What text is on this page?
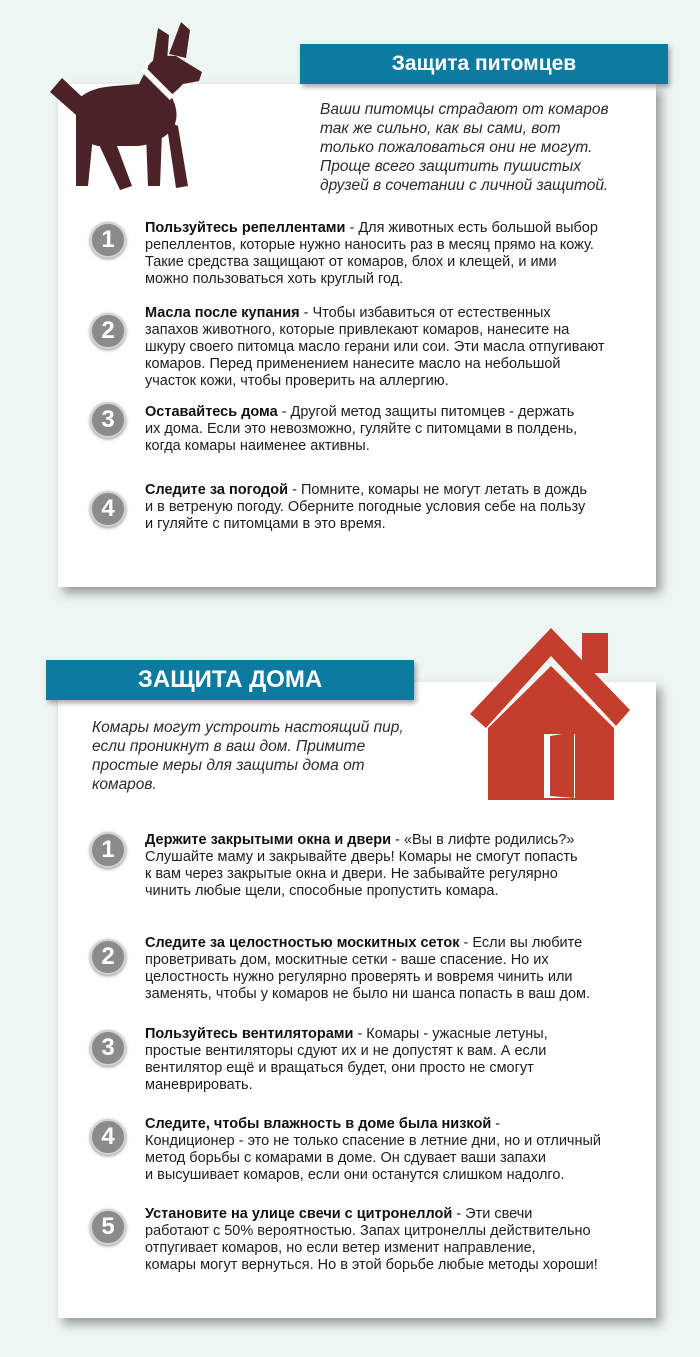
Защита питомцев

Ваши питомцы страдают от комаров
так же сильно, как вы сами, вот
только пожаловаться они не могут.
Проще всего защитить пушистых
друзей в сочетании с личной защитой.

1	Пользуйтесь репеллентами - Для животных есть большой выбор
репеллентов, которые нужно наносить раз в месяц прямо на кожу.
Такие средства защищают от комаров, блох и клещей, и ими
можно пользоваться хоть круглый год.

2

Масла после купания - Чтобы избавиться от естественных
запахов животного, которые привлекают комаров, нанесите на
шкуру своего питомца масло герани или сои. Эти масла отпугивают
комаров. Перед применением нанесите масло на небольшой
участок кожи, чтобы проверить на аллергию.

3	Оставайтесь дома - Другой метод защиты питомцев - держать
их дома. Если это невозможно, гуляйте с питомцами в полдень,
когда комары наименее активны.

4

Следите за погодой - Помните, комары не могут летать в дождь
и в ветреную погоду. Оберните погодные условия себе на пользу
и гуляйте с питомцами в это время.

ЗАЩИТА ДОМА

Комары могут устроить настоящий пир,
если проникнут в ваш дом. Примите
простые меры для защиты дома от
комаров.

1	Держите закрытыми окна и двери - «Вы в лифте родились?»
Слушайте маму и закрывайте дверь! Комары не смогут попасть
к вам через закрытые окна и двери. Не забывайте регулярно
чинить любые щели, способные пропустить комара.

2	Следите за целостностью москитных сеток - Если вы любите
проветривать дом, москитные сетки - ваше спасение. Но их
целостность нужно регулярно проверять и вовремя чинить или
заменять, чтобы у комаров не было ни шанса попасть в ваш дом.

3	Пользуйтесь вентиляторами - Комары - ужасные летуны,
простые вентиляторы сдуют их и не допустят к вам. А если
вентилятор ещё и вращаться будет, они просто не смогут
маневрировать.

4	Следите, чтобы влажность в доме была низкой -
Кондиционер - это не только спасение в летние дни, но и отличный
метод борьбы с комарами в доме. Он сдувает ваши запахи
и высушивает комаров, если они останутся слишком надолго.

5	Установите на улице свечи с цитронеллой - Эти свечи
работают с 50% вероятностью. Запах цитронеллы действительно
отпугивает комаров, но если ветер изменит направление,
комары могут вернуться. Но в этой борьбе любые методы хороши!
